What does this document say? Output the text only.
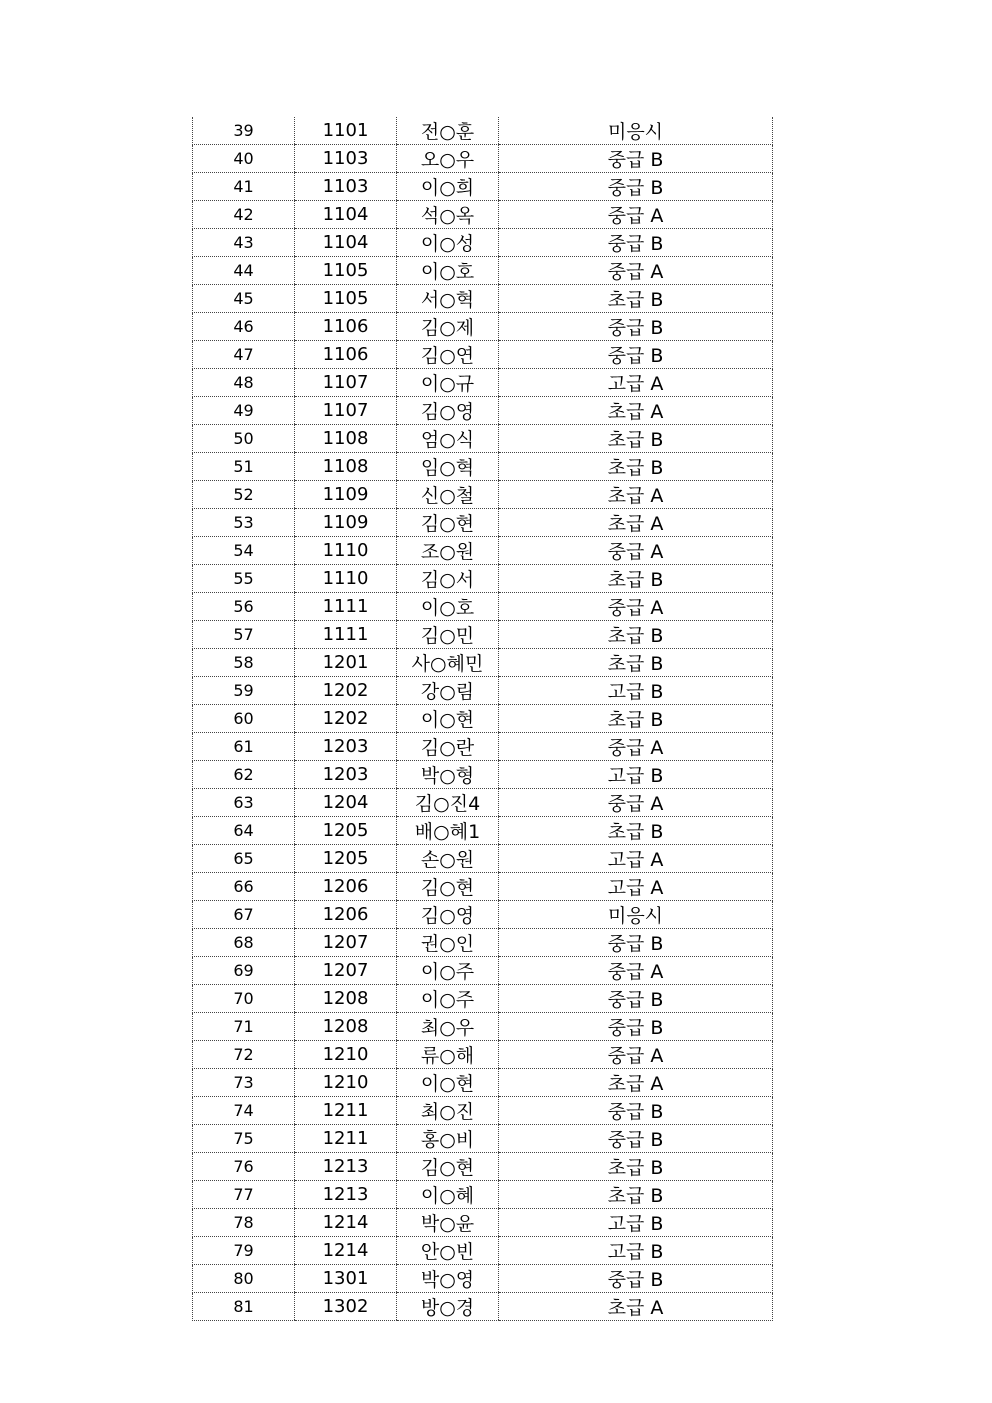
39	1101	전○훈	미응시
40	1103	오○우	중급 B
41	1103	이○희	중급 B
42	1104	석○옥	중급 A
43	1104	이○성	중급 B
44	1105	이○호	중급 A
45	1105	서○혁	초급 B
46	1106	김○제	중급 B
47	1106	김○연	중급 B
48	1107	이○규	고급 A
49	1107	김○영	초급 A
50	1108	엄○식	초급 B
51	1108	임○혁	초급 B
52	1109	신○철	초급 A
53	1109	김○현	초급 A
54	1110	조○원	중급 A
55	1110	김○서	초급 B
56	1111	이○호	중급 A
57	1111	김○민	초급 B
58	1201	사○혜민	초급 B
59	1202	강○림	고급 B
60	1202	이○현	초급 B
61	1203	김○란	중급 A
62	1203	박○형	고급 B
63	1204	김○진4	중급 A
64	1205	배○혜1	초급 B
65	1205	손○원	고급 A
66	1206	김○현	고급 A
67	1206	김○영	미응시
68	1207	권○인	중급 B
69	1207	이○주	중급 A
70	1208	이○주	중급 B
71	1208	최○우	중급 B
72	1210	류○해	중급 A
73	1210	이○현	초급 A
74	1211	최○진	중급 B
75	1211	홍○비	중급 B
76	1213	김○현	초급 B
77	1213	이○혜	초급 B
78	1214	박○윤	고급 B
79	1214	안○빈	고급 B
80	1301	박○영	중급 B
81	1302	방○경	초급 A
